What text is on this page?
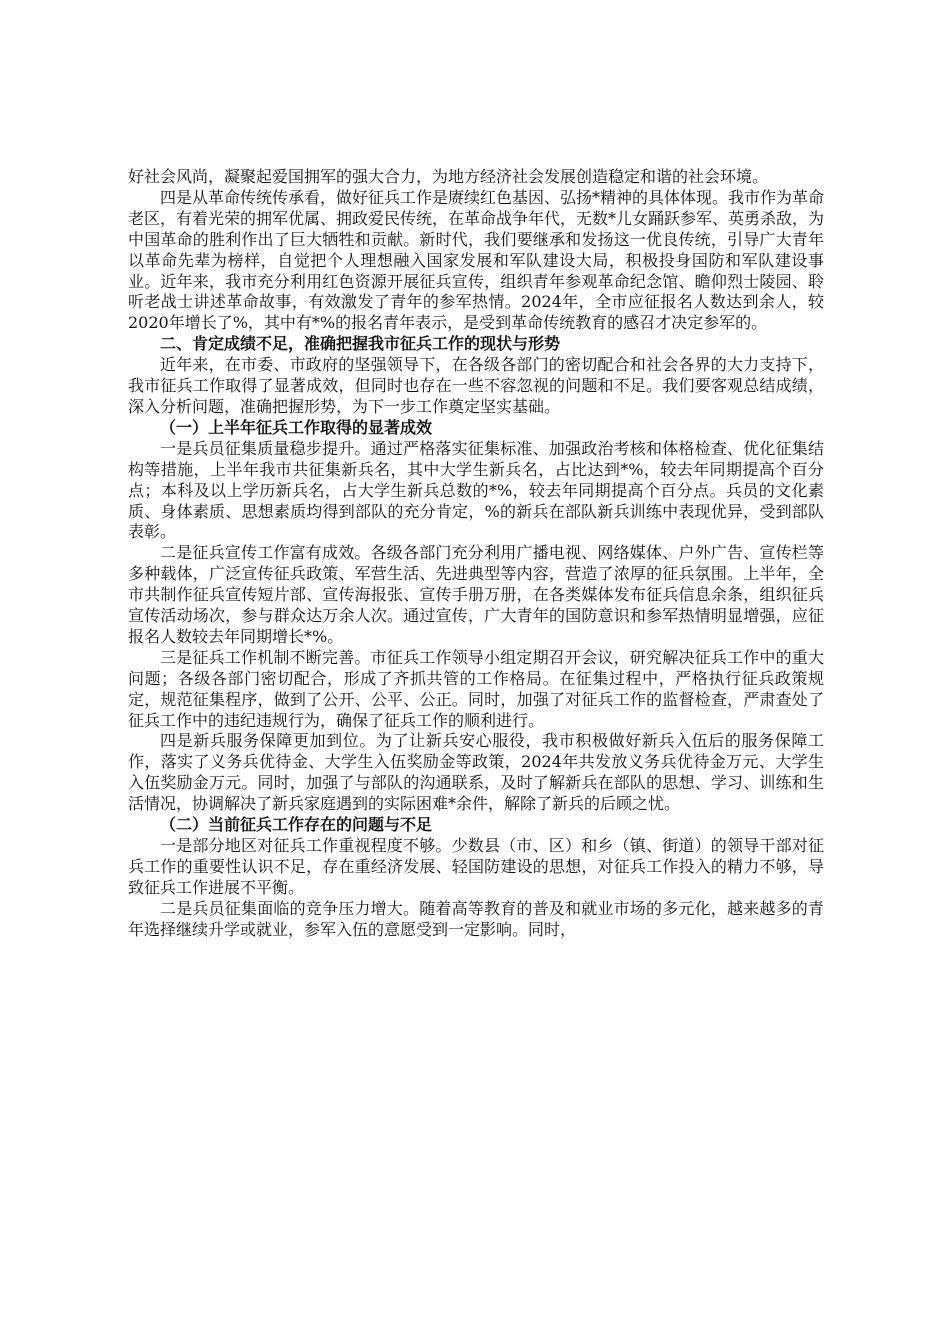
好社会风尚，凝聚起爱国拥军的强大合力，为地方经济社会发展创造稳定和谐的社会环境。

四是从革命传统传承看，做好征兵工作是赓续红色基因、弘扬*精神的具体体现。我市作为革命老区，有着光荣的拥军优属、拥政爱民传统，在革命战争年代，无数*儿女踊跃参军、英勇杀敌，为中国革命的胜利作出了巨大牺牲和贡献。新时代，我们要继承和发扬这一优良传统，引导广大青年以革命先辈为榜样，自觉把个人理想融入国家发展和军队建设大局，积极投身国防和军队建设事业。近年来，我市充分利用红色资源开展征兵宣传，组织青年参观革命纪念馆、瞻仰烈士陵园、聆听老战士讲述革命故事，有效激发了青年的参军热情。2024年，全市应征报名人数达到余人，较2020年增长了%，其中有*%的报名青年表示，是受到革命传统教育的感召才决定参军的。

二、肯定成绩不足，准确把握我市征兵工作的现状与形势

近年来，在市委、市政府的坚强领导下，在各级各部门的密切配合和社会各界的大力支持下，我市征兵工作取得了显著成效，但同时也存在一些不容忽视的问题和不足。我们要客观总结成绩，深入分析问题，准确把握形势，为下一步工作奠定坚实基础。

（一）上半年征兵工作取得的显著成效

一是兵员征集质量稳步提升。通过严格落实征集标准、加强政治考核和体格检查、优化征集结构等措施，上半年我市共征集新兵名，其中大学生新兵名，占比达到*%，较去年同期提高个百分点；本科及以上学历新兵名，占大学生新兵总数的*%，较去年同期提高个百分点。兵员的文化素质、身体素质、思想素质均得到部队的充分肯定，%的新兵在部队新兵训练中表现优异，受到部队表彰。

二是征兵宣传工作富有成效。各级各部门充分利用广播电视、网络媒体、户外广告、宣传栏等多种载体，广泛宣传征兵政策、军营生活、先进典型等内容，营造了浓厚的征兵氛围。上半年，全市共制作征兵宣传短片部、宣传海报张、宣传手册万册，在各类媒体发布征兵信息余条，组织征兵宣传活动场次，参与群众达万余人次。通过宣传，广大青年的国防意识和参军热情明显增强，应征报名人数较去年同期增长*%。

三是征兵工作机制不断完善。市征兵工作领导小组定期召开会议，研究解决征兵工作中的重大问题；各级各部门密切配合，形成了齐抓共管的工作格局。在征集过程中，严格执行征兵政策规定，规范征集程序，做到了公开、公平、公正。同时，加强了对征兵工作的监督检查，严肃查处了征兵工作中的违纪违规行为，确保了征兵工作的顺利进行。

四是新兵服务保障更加到位。为了让新兵安心服役，我市积极做好新兵入伍后的服务保障工作，落实了义务兵优待金、大学生入伍奖励金等政策，2024年共发放义务兵优待金万元、大学生入伍奖励金万元。同时，加强了与部队的沟通联系，及时了解新兵在部队的思想、学习、训练和生活情况，协调解决了新兵家庭遇到的实际困难*余件，解除了新兵的后顾之忧。

（二）当前征兵工作存在的问题与不足

一是部分地区对征兵工作重视程度不够。少数县（市、区）和乡（镇、街道）的领导干部对征兵工作的重要性认识不足，存在重经济发展、轻国防建设的思想，对征兵工作投入的精力不够，导致征兵工作进展不平衡。

二是兵员征集面临的竞争压力增大。随着高等教育的普及和就业市场的多元化，越来越多的青年选择继续升学或就业，参军入伍的意愿受到一定影响。同时，
